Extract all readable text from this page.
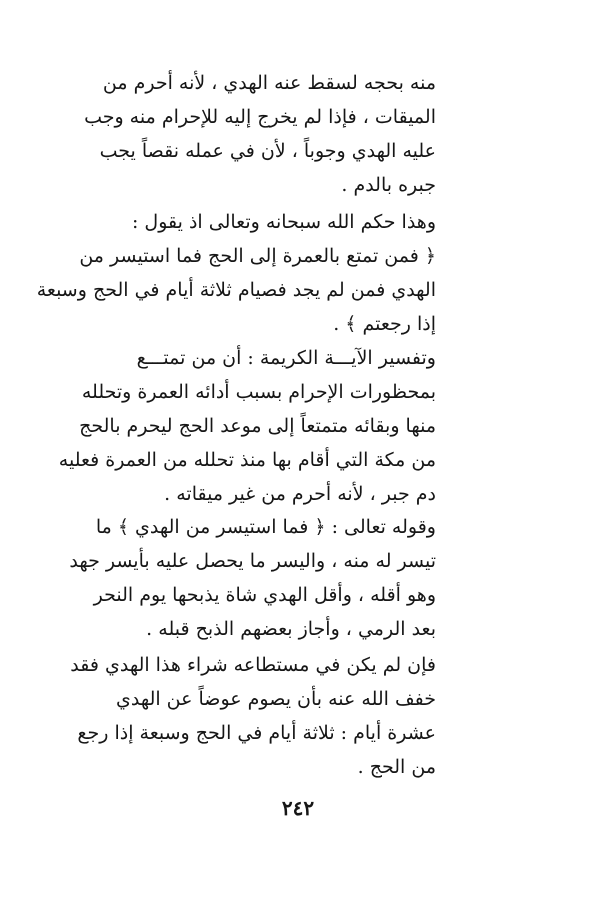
منه بحجه لسقط عنه الهدي ، لأنه أحرم من
الميقات ، فإذا لم يخرج إليه للإحرام منه وجب
عليه الهدي وجوباً ، لأن في عمله نقصاً يجب
جبره بالدم .
وهذا حكم الله سبحانه وتعالى اذ يقول :
﴿ فمن تمتع بالعمرة إلى الحج فما استيسر من
الهدي فمن لم يجد فصيام ثلاثة أيام في الحج وسبعة
إذا رجعتم ﴾ .
وتفسير الآيـــة الكريمة : أن من تمتـــع
بمحظورات الإحرام بسبب أدائه العمرة وتحلله
منها وبقائه متمتعاً إلى موعد الحج ليحرم بالحج
من مكة التي أقام بها منذ تحلله من العمرة فعليه
دم جبر ، لأنه أحرم من غير ميقاته .
وقوله تعالى : ﴿ فما استيسر من الهدي ﴾ ما
تيسر له منه ، واليسر ما يحصل عليه بأيسر جهد
وهو أقله ، وأقل الهدي شاة يذبحها يوم النحر
بعد الرمي ، وأجاز بعضهم الذبح قبله .
فإن لم يكن في مستطاعه شراء هذا الهدي فقد
خفف الله عنه بأن يصوم عوضاً عن الهدي
عشرة أيام : ثلاثة أيام في الحج وسبعة إذا رجع
من الحج .
٢٤٢
